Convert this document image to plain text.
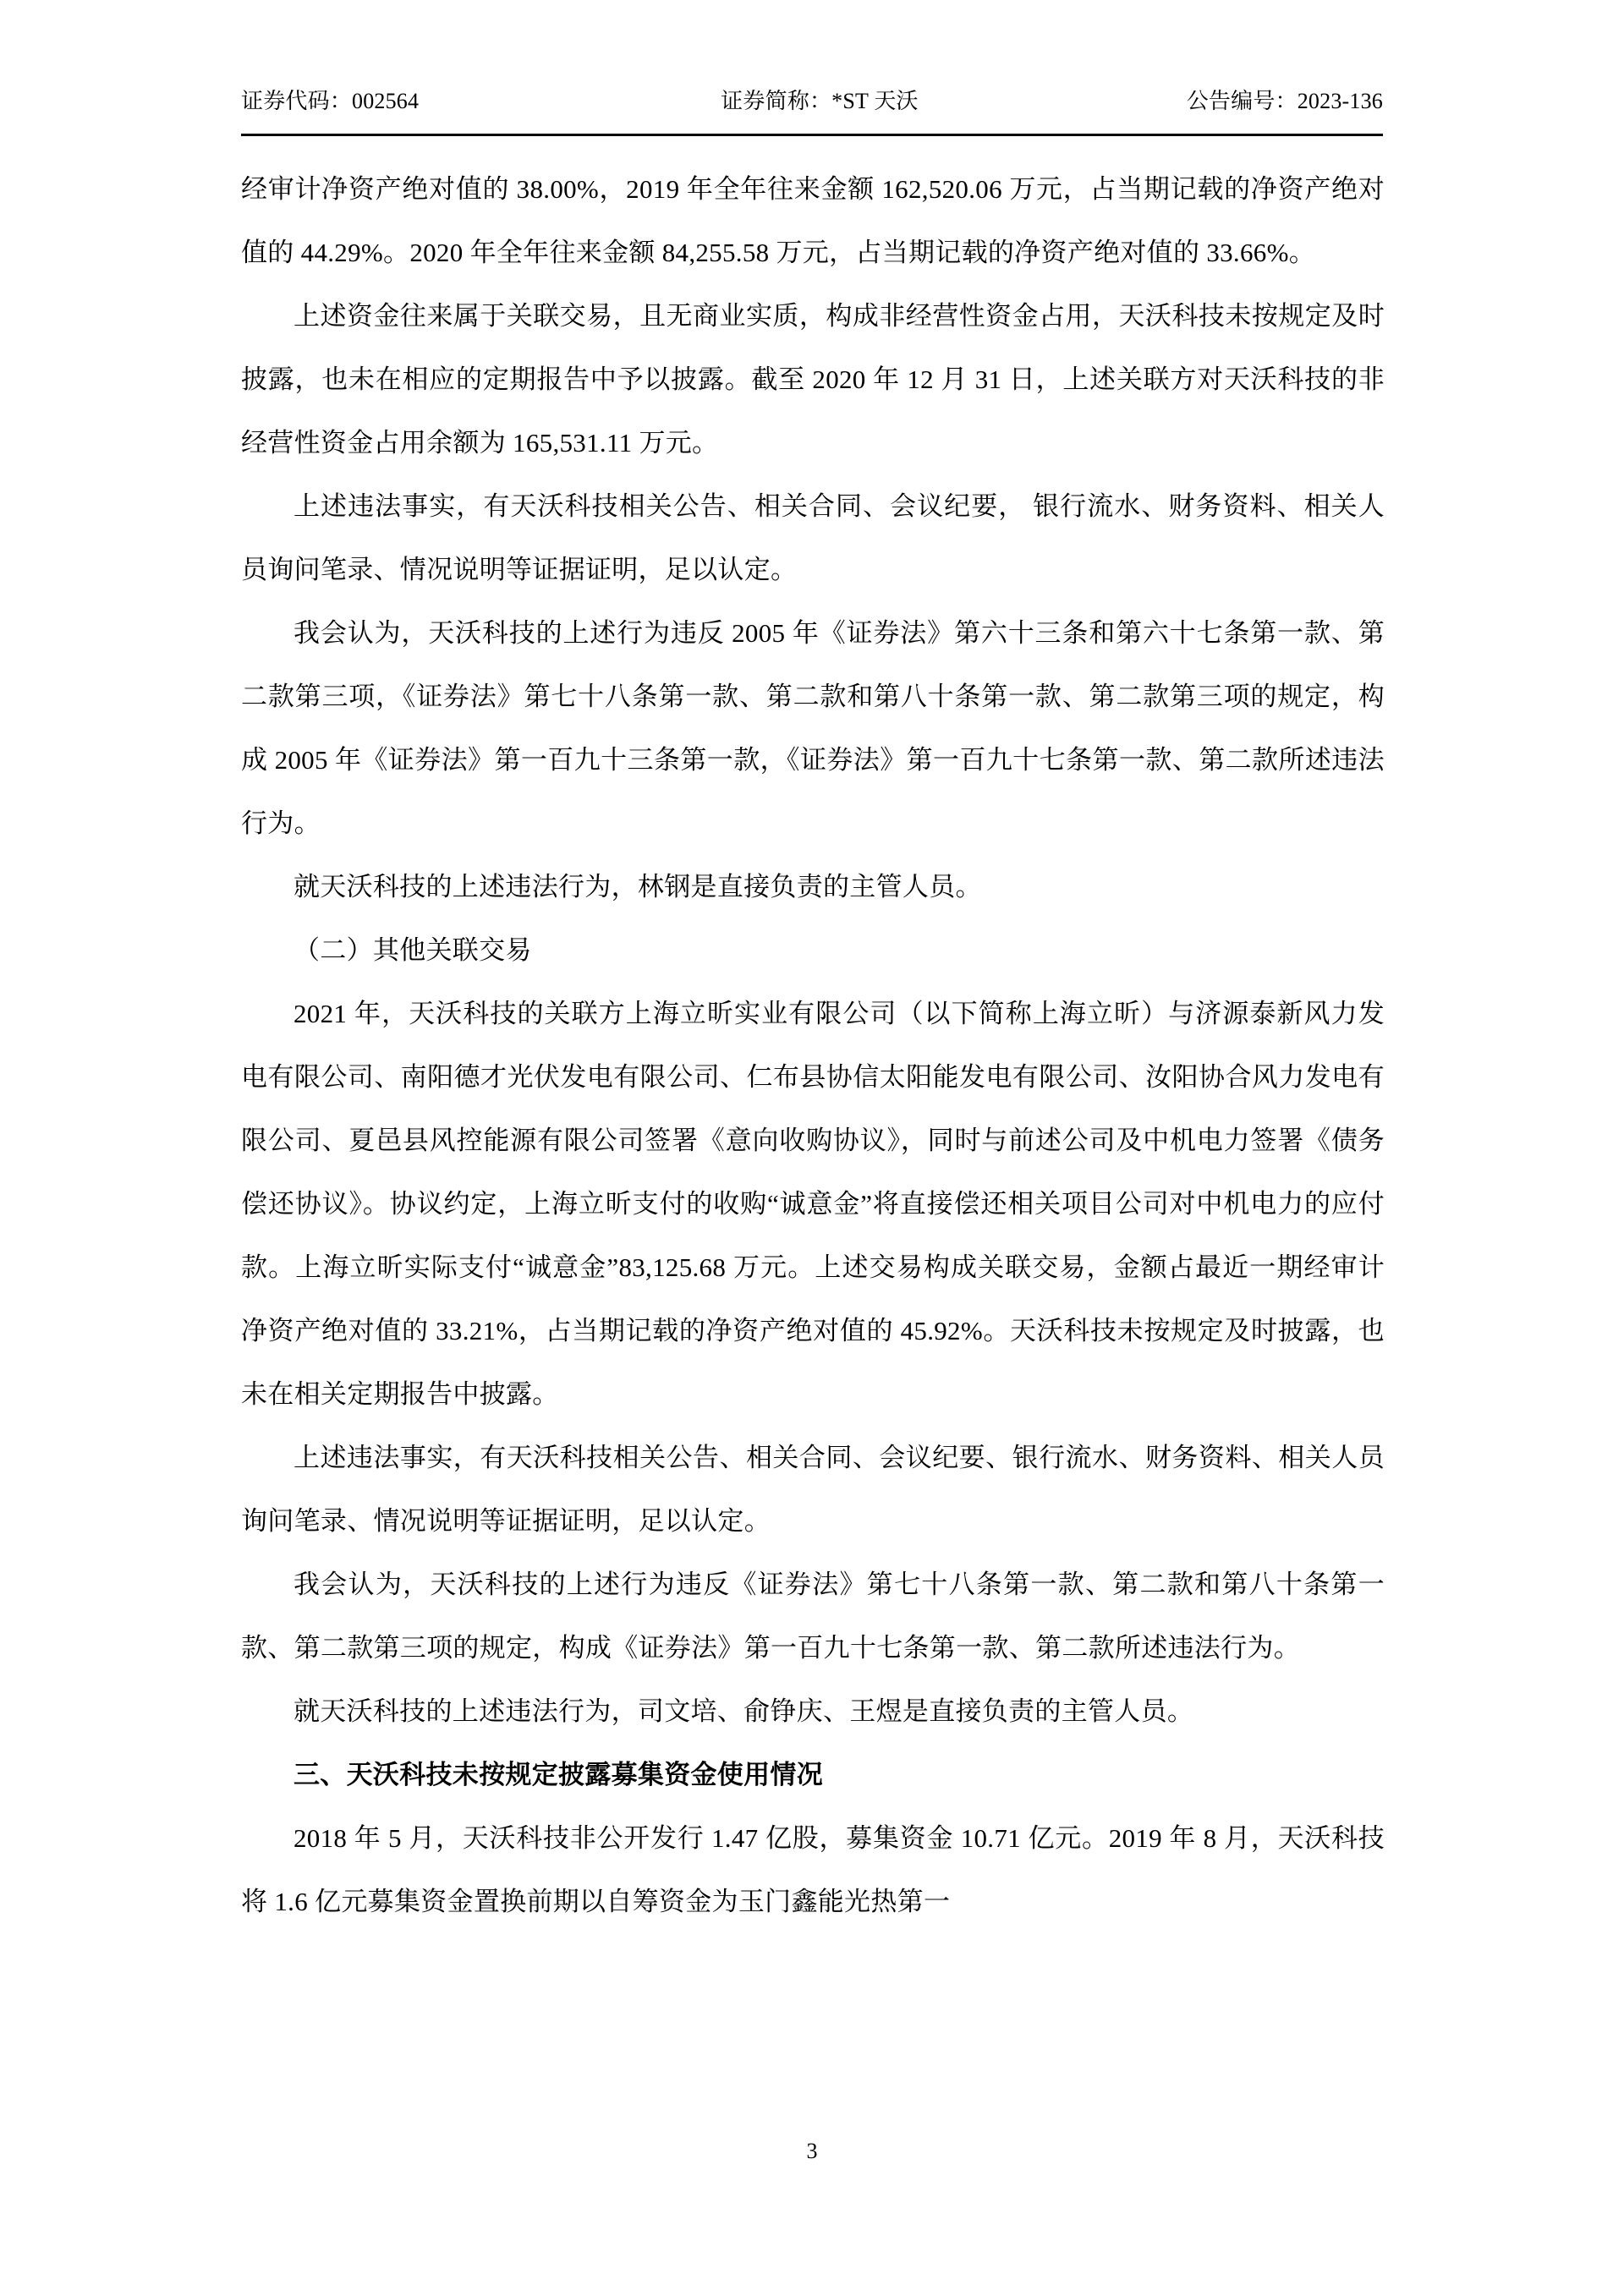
证券代码：002564	证券简称：*ST 天沃	公告编号：2023-136

经审计净资产绝对值的 38.00%，2019 年全年往来金额 162,520.06 万元，占当期记载的净资产绝对值的 44.29%。2020 年全年往来金额 84,255.58 万元，占当期记载的净资产绝对值的 33.66%。

上述资金往来属于关联交易，且无商业实质，构成非经营性资金占用，天沃科技未按规定及时披露，也未在相应的定期报告中予以披露。截至 2020 年 12 月 31 日，上述关联方对天沃科技的非经营性资金占用余额为 165,531.11 万元。

上述违法事实，有天沃科技相关公告、相关合同、会议纪要， 银行流水、财务资料、相关人员询问笔录、情况说明等证据证明，足以认定。

我会认为，天沃科技的上述行为违反 2005 年《证券法》第六十三条和第六十七条第一款、第二款第三项，《证券法》第七十八条第一款、第二款和第八十条第一款、第二款第三项的规定，构成 2005 年《证券法》第一百九十三条第一款，《证券法》第一百九十七条第一款、第二款所述违法行为。

就天沃科技的上述违法行为，林钢是直接负责的主管人员。

（二）其他关联交易

2021 年，天沃科技的关联方上海立昕实业有限公司（以下简称上海立昕）与济源泰新风力发电有限公司、南阳德才光伏发电有限公司、仁布县协信太阳能发电有限公司、汝阳协合风力发电有限公司、夏邑县风控能源有限公司签署《意向收购协议》，同时与前述公司及中机电力签署《债务偿还协议》。协议约定，上海立昕支付的收购“诚意金”将直接偿还相关项目公司对中机电力的应付款。上海立昕实际支付“诚意金”83,125.68 万元。上述交易构成关联交易，金额占最近一期经审计净资产绝对值的 33.21%，占当期记载的净资产绝对值的 45.92%。天沃科技未按规定及时披露，也未在相关定期报告中披露。

上述违法事实，有天沃科技相关公告、相关合同、会议纪要、银行流水、财务资料、相关人员询问笔录、情况说明等证据证明，足以认定。

我会认为，天沃科技的上述行为违反《证券法》第七十八条第一款、第二款和第八十条第一款、第二款第三项的规定，构成《证券法》第一百九十七条第一款、第二款所述违法行为。

就天沃科技的上述违法行为，司文培、俞铮庆、王煜是直接负责的主管人员。

三、天沃科技未按规定披露募集资金使用情况

2018 年 5 月，天沃科技非公开发行 1.47 亿股，募集资金 10.71 亿元。2019 年 8 月，天沃科技将 1.6 亿元募集资金置换前期以自筹资金为玉门鑫能光热第一

3
